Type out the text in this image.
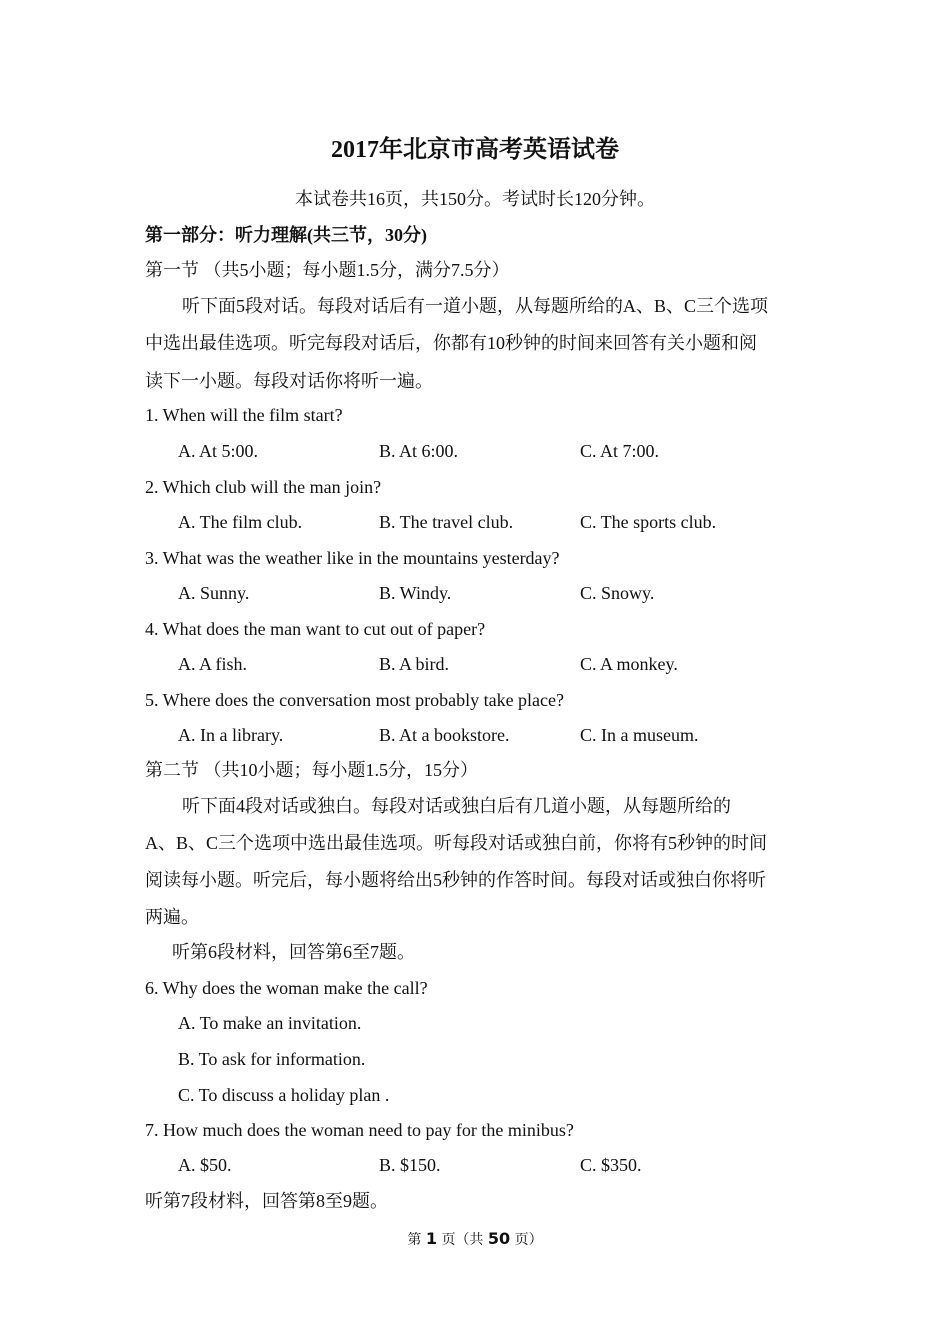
2017年北京市高考英语试卷
本试卷共16页，共150分。考试时长120分钟。
第一部分：听力理解(共三节，30分)
第一节 （共5小题；每小题1.5分，满分7.5分）
听下面5段对话。每段对话后有一道小题，从每题所给的A、B、C三个选项
中选出最佳选项。听完每段对话后，你都有10秒钟的时间来回答有关小题和阅
读下一小题。每段对话你将听一遍。
1. When will the film start?
A. At 5:00.	B. At 6:00.	C. At 7:00.
2. Which club will the man join?
A. The film club.	B. The travel club.	C. The sports club.
3. What was the weather like in the mountains yesterday?
A. Sunny.	B. Windy.	C. Snowy.
4. What does the man want to cut out of paper?
A. A fish.	B. A bird.	C. A monkey.
5. Where does the conversation most probably take place?
A. In a library.	B. At a bookstore.	C. In a museum.
第二节 （共10小题；每小题1.5分，15分）
听下面4段对话或独白。每段对话或独白后有几道小题，从每题所给的
A、B、C三个选项中选出最佳选项。听每段对话或独白前，你将有5秒钟的时间
阅读每小题。听完后，每小题将给出5秒钟的作答时间。每段对话或独白你将听
两遍。
听第6段材料，回答第6至7题。
6. Why does the woman make the call?
A. To make an invitation.
B. To ask for information.
C. To discuss a holiday plan .
7. How much does the woman need to pay for the minibus?
A. $50.	B. $150.	C. $350.
听第7段材料，回答第8至9题。
第 1 页（共 50 页）
